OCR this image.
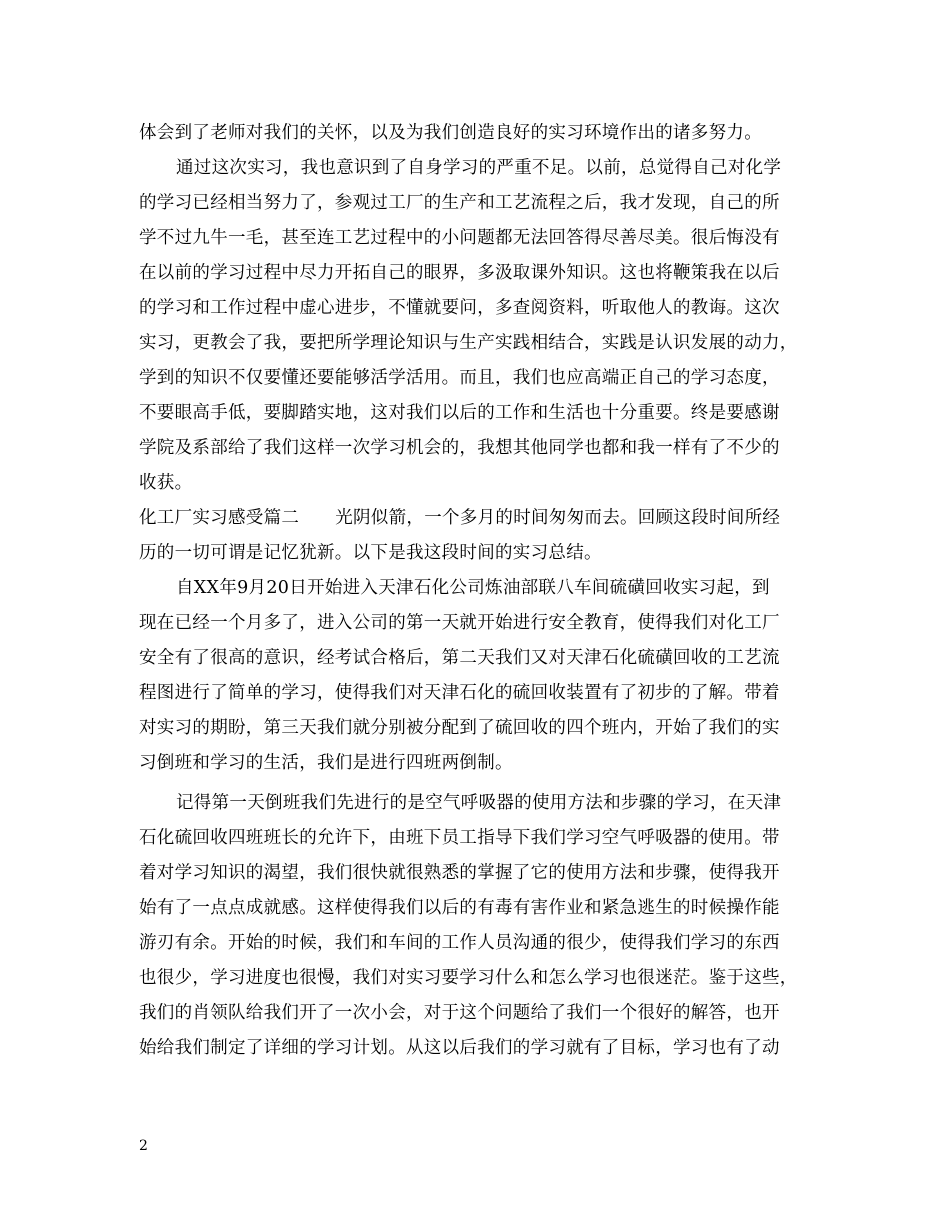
体会到了老师对我们的关怀，以及为我们创造良好的实习环境作出的诸多努力。
通过这次实习，我也意识到了自身学习的严重不足。以前，总觉得自己对化学
的学习已经相当努力了，参观过工厂的生产和工艺流程之后，我才发现，自己的所
学不过九牛一毛，甚至连工艺过程中的小问题都无法回答得尽善尽美。很后悔没有
在以前的学习过程中尽力开拓自己的眼界，多汲取课外知识。这也将鞭策我在以后
的学习和工作过程中虚心进步，不懂就要问，多查阅资料，听取他人的教诲。这次
实习，更教会了我，要把所学理论知识与生产实践相结合，实践是认识发展的动力，
学到的知识不仅要懂还要能够活学活用。而且，我们也应高端正自己的学习态度，
不要眼高手低，要脚踏实地，这对我们以后的工作和生活也十分重要。终是要感谢
学院及系部给了我们这样一次学习机会的，我想其他同学也都和我一样有了不少的
收获。
化工厂实习感受篇二 光阴似箭，一个多月的时间匆匆而去。回顾这段时间所经
历的一切可谓是记忆犹新。以下是我这段时间的实习总结。
自XX年9月20日开始进入天津石化公司炼油部联八车间硫磺回收实习起，到
现在已经一个月多了，进入公司的第一天就开始进行安全教育，使得我们对化工厂
安全有了很高的意识，经考试合格后，第二天我们又对天津石化硫磺回收的工艺流
程图进行了简单的学习，使得我们对天津石化的硫回收装置有了初步的了解。带着
对实习的期盼，第三天我们就分别被分配到了硫回收的四个班内，开始了我们的实
习倒班和学习的生活，我们是进行四班两倒制。
记得第一天倒班我们先进行的是空气呼吸器的使用方法和步骤的学习，在天津
石化硫回收四班班长的允许下，由班下员工指导下我们学习空气呼吸器的使用。带
着对学习知识的渴望，我们很快就很熟悉的掌握了它的使用方法和步骤，使得我开
始有了一点点成就感。这样使得我们以后的有毒有害作业和紧急逃生的时候操作能
游刃有余。开始的时候，我们和车间的工作人员沟通的很少，使得我们学习的东西
也很少，学习进度也很慢，我们对实习要学习什么和怎么学习也很迷茫。鉴于这些，
我们的肖领队给我们开了一次小会，对于这个问题给了我们一个很好的解答，也开
始给我们制定了详细的学习计划。从这以后我们的学习就有了目标，学习也有了动
2
